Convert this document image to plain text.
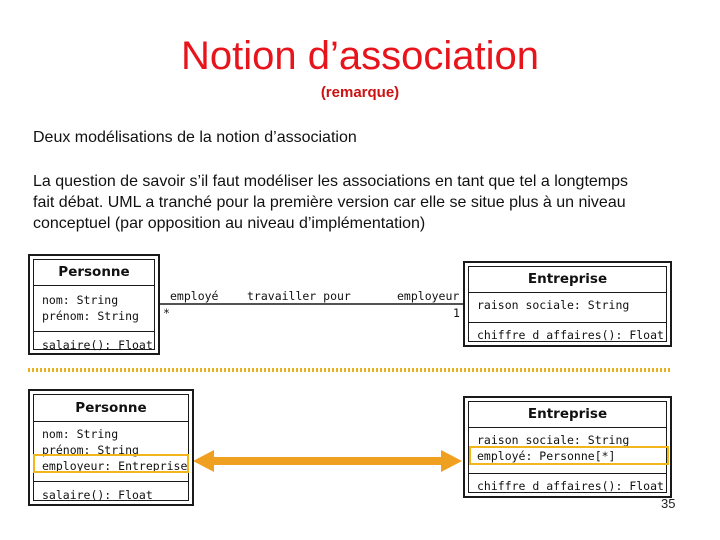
Notion d’association
(remarque)
Deux modélisations de la notion d’association
La question de savoir s’il faut modéliser les associations en tant que tel a longtemps
fait débat. UML a tranché pour la première version car elle se situe plus à un niveau
conceptuel (par opposition au niveau d’implémentation)
Personne
nom: String
prénom: String
salaire(): Float
Entreprise
raison sociale: String
chiffre_d_affaires(): Float
employé travailler pour	employeur
*	1
Personne
nom: String
prénom: String
employeur: Entreprise
salaire(): Float
Entreprise
raison sociale: String
employé: Personne[*]
chiffre_d_affaires(): Float
35
